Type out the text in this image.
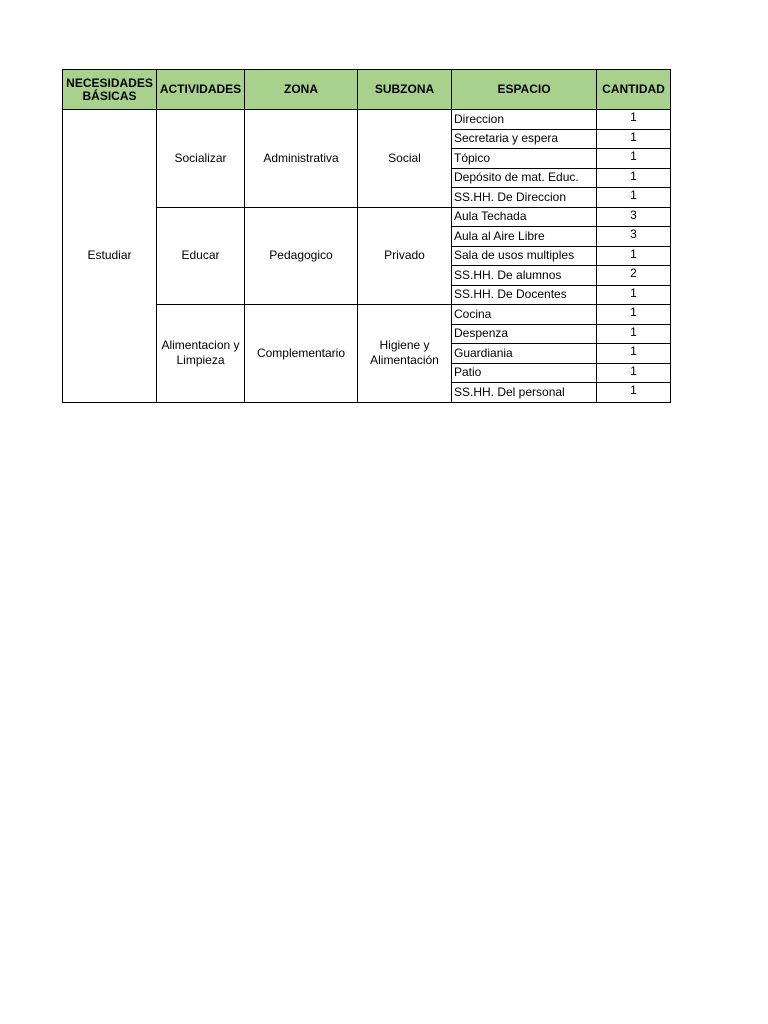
NECESIDADES BÁSICAS	ACTIVIDADES	ZONA	SUBZONA	ESPACIO	CANTIDAD
Estudiar	Socializar	Administrativa	Social	Direccion	1
				Secretaria y espera	1
				Tópico	1
				Depósito de mat. Educ.	1
				SS.HH. De Direccion	1
	Educar	Pedagogico	Privado	Aula Techada	3
				Aula al Aire Libre	3
				Sala de usos multiples	1
				SS.HH. De alumnos	2
				SS.HH. De Docentes	1
	Alimentacion y Limpieza	Complementario	Higiene y Alimentación	Cocina	1
				Despenza	1
				Guardiania	1
				Patio	1
				SS.HH. Del personal	1
